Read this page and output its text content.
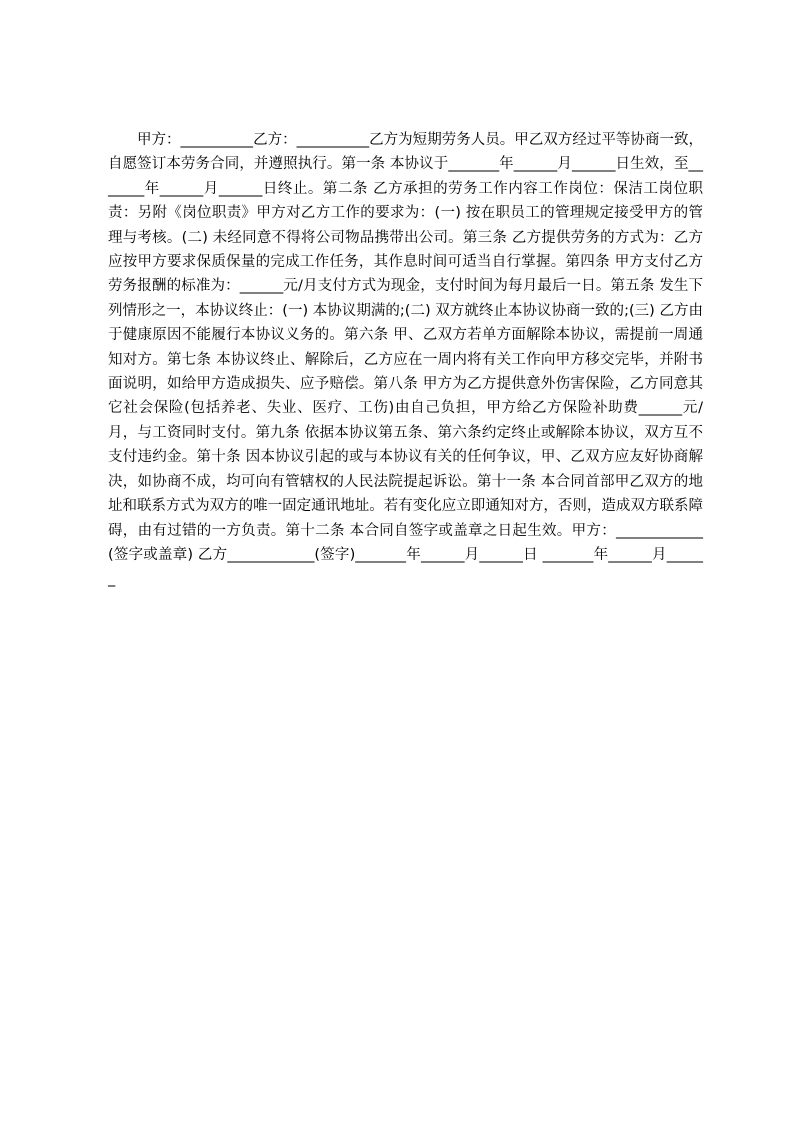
甲方：__________乙方：__________乙方为短期劳务人员。甲乙双方经过平等协商一致，自愿签订本劳务合同，并遵照执行。第一条 本协议于_______年______月______日生效，至_______年______月______日终止。第二条 乙方承担的劳务工作内容工作岗位：保洁工岗位职责：另附《岗位职责》甲方对乙方工作的要求为：(一) 按在职员工的管理规定接受甲方的管理与考核。(二) 未经同意不得将公司物品携带出公司。第三条 乙方提供劳务的方式为：乙方应按甲方要求保质保量的完成工作任务，其作息时间可适当自行掌握。第四条 甲方支付乙方劳务报酬的标准为：______元/月支付方式为现金，支付时间为每月最后一日。第五条 发生下列情形之一，本协议终止：(一) 本协议期满的;(二) 双方就终止本协议协商一致的;(三) 乙方由于健康原因不能履行本协议义务的。第六条 甲、乙双方若单方面解除本协议，需提前一周通知对方。第七条 本协议终止、解除后，乙方应在一周内将有关工作向甲方移交完毕，并附书面说明，如给甲方造成损失、应予赔偿。第八条 甲方为乙方提供意外伤害保险，乙方同意其它社会保险(包括养老、失业、医疗、工伤)由自己负担，甲方给乙方保险补助费______元/月，与工资同时支付。第九条 依据本协议第五条、第六条约定终止或解除本协议，双方互不支付违约金。第十条 因本协议引起的或与本协议有关的任何争议，甲、乙双方应友好协商解决，如协商不成，均可向有管辖权的人民法院提起诉讼。第十一条 本合同首部甲乙双方的地址和联系方式为双方的唯一固定通讯地址。若有变化应立即通知对方，否则，造成双方联系障碍，由有过错的一方负责。第十二条 本合同自签字或盖章之日起生效。甲方：____________(签字或盖章) 乙方____________(签字)_______年______月______日 _______年______月______
